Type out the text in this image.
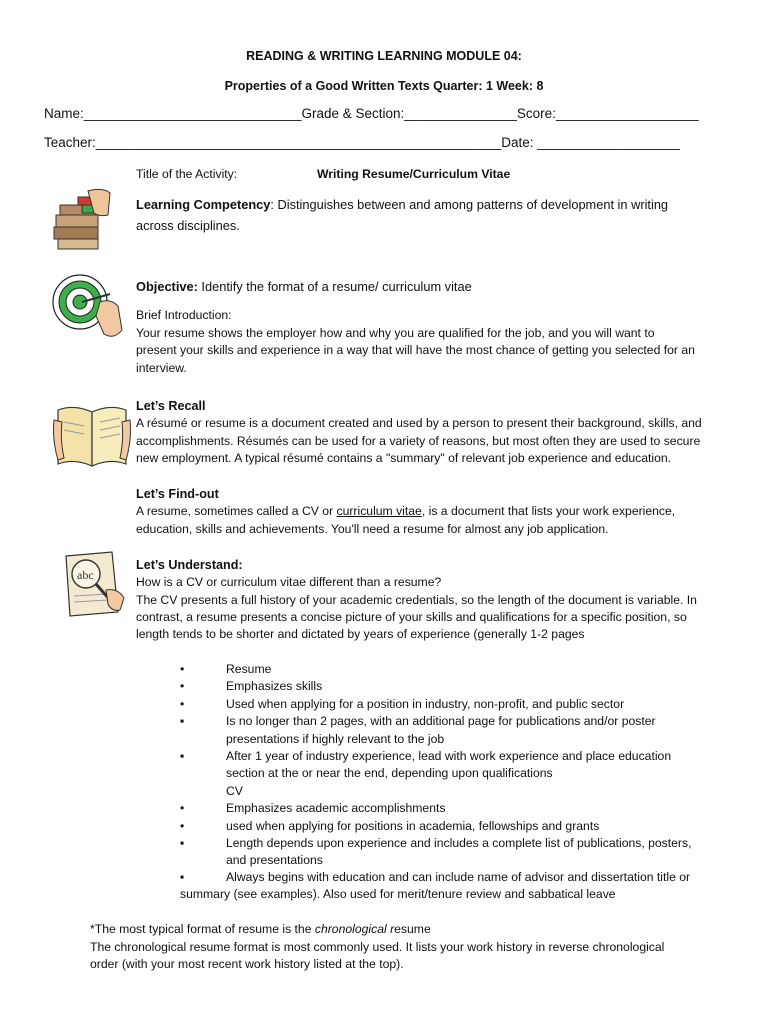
READING & WRITING LEARNING MODULE 04:
Properties of a Good Written Texts Quarter: 1 Week: 8
Name:_____________________________Grade & Section:_______________Score:___________________
Teacher:______________________________________________________Date: ___________________
Title of the Activity:	Writing Resume/Curriculum Vitae
Learning Competency: Distinguishes between and among patterns of development in writing
across disciplines.
Objective: Identify the format of a resume/ curriculum vitae
Brief Introduction:
Your resume shows the employer how and why you are qualified for the job, and you will want to
present your skills and experience in a way that will have the most chance of getting you selected for an
interview.
Let’s Recall
A résumé or resume is a document created and used by a person to present their background, skills, and
accomplishments. Résumés can be used for a variety of reasons, but most often they are used to secure
new employment. A typical résumé contains a "summary" of relevant job experience and education.
Let’s Find-out
A resume, sometimes called a CV or curriculum vitae, is a document that lists your work experience,
education, skills and achievements. You'll need a resume for almost any job application.
abc
Let’s Understand:
How is a CV or curriculum vitae different than a resume?
The CV presents a full history of your academic credentials, so the length of the document is variable. In
contrast, a resume presents a concise picture of your skills and qualifications for a specific position, so
length tends to be shorter and dictated by years of experience (generally 1-2 pages
•	Resume
•	Emphasizes skills
•	Used when applying for a position in industry, non-profit, and public sector
▪	Is no longer than 2 pages, with an additional page for publications and/or poster
presentations if highly relevant to the job
▪	After 1 year of industry experience, lead with work experience and place education
section at the or near the end, depending upon qualifications
CV
•	Emphasizes academic accomplishments
•	used when applying for positions in academia, fellowships and grants
▪	Length depends upon experience and includes a complete list of publications, posters,
and presentations
▪	Always begins with education and can include name of advisor and dissertation title or
summary (see examples). Also used for merit/tenure review and sabbatical leave
*The most typical format of resume is the chronological resume
The chronological resume format is most commonly used. It lists your work history in reverse chronological
order (with your most recent work history listed at the top).
